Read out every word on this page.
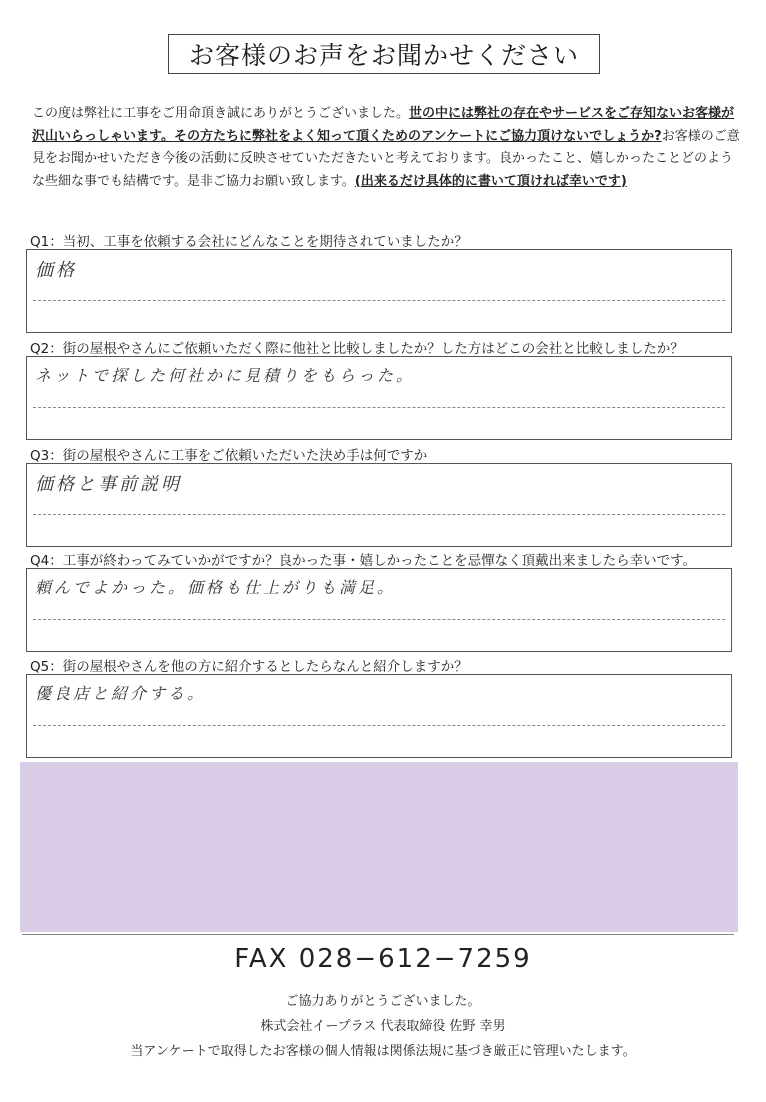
お客様のお声をお聞かせください
この度は弊社に工事をご用命頂き誠にありがとうございました。世の中には弊社の存在やサービスをご存知ないお客様が沢山いらっしゃいます。その方たちに弊社をよく知って頂くためのアンケートにご協力頂けないでしょうか?お客様のご意見をお聞かせいただき今後の活動に反映させていただきたいと考えております。良かったこと、嬉しかったことどのような些細な事でも結構です。是非ご協力お願い致します。(出来るだけ具体的に書いて頂ければ幸いです)
Q1：当初、工事を依頼する会社にどんなことを期待されていましたか？
価格
Q2：街の屋根やさんにご依頼いただく際に他社と比較しましたか？した方はどこの会社と比較しましたか？
ネットで探した何社かに見積りをもらった。
Q3：街の屋根やさんに工事をご依頼いただいた決め手は何ですか
価格と事前説明
Q4：工事が終わってみていかがですか？良かった事・嬉しかったことを忌憚なく頂戴出来ましたら幸いです。
頼んでよかった。価格も仕上がりも満足。
Q5：街の屋根やさんを他の方に紹介するとしたらなんと紹介しますか？
優良店と紹介する。
FAX 028−612−7259
ご協力ありがとうございました。
株式会社イープラス 代表取締役 佐野 幸男
当アンケートで取得したお客様の個人情報は関係法規に基づき厳正に管理いたします。
